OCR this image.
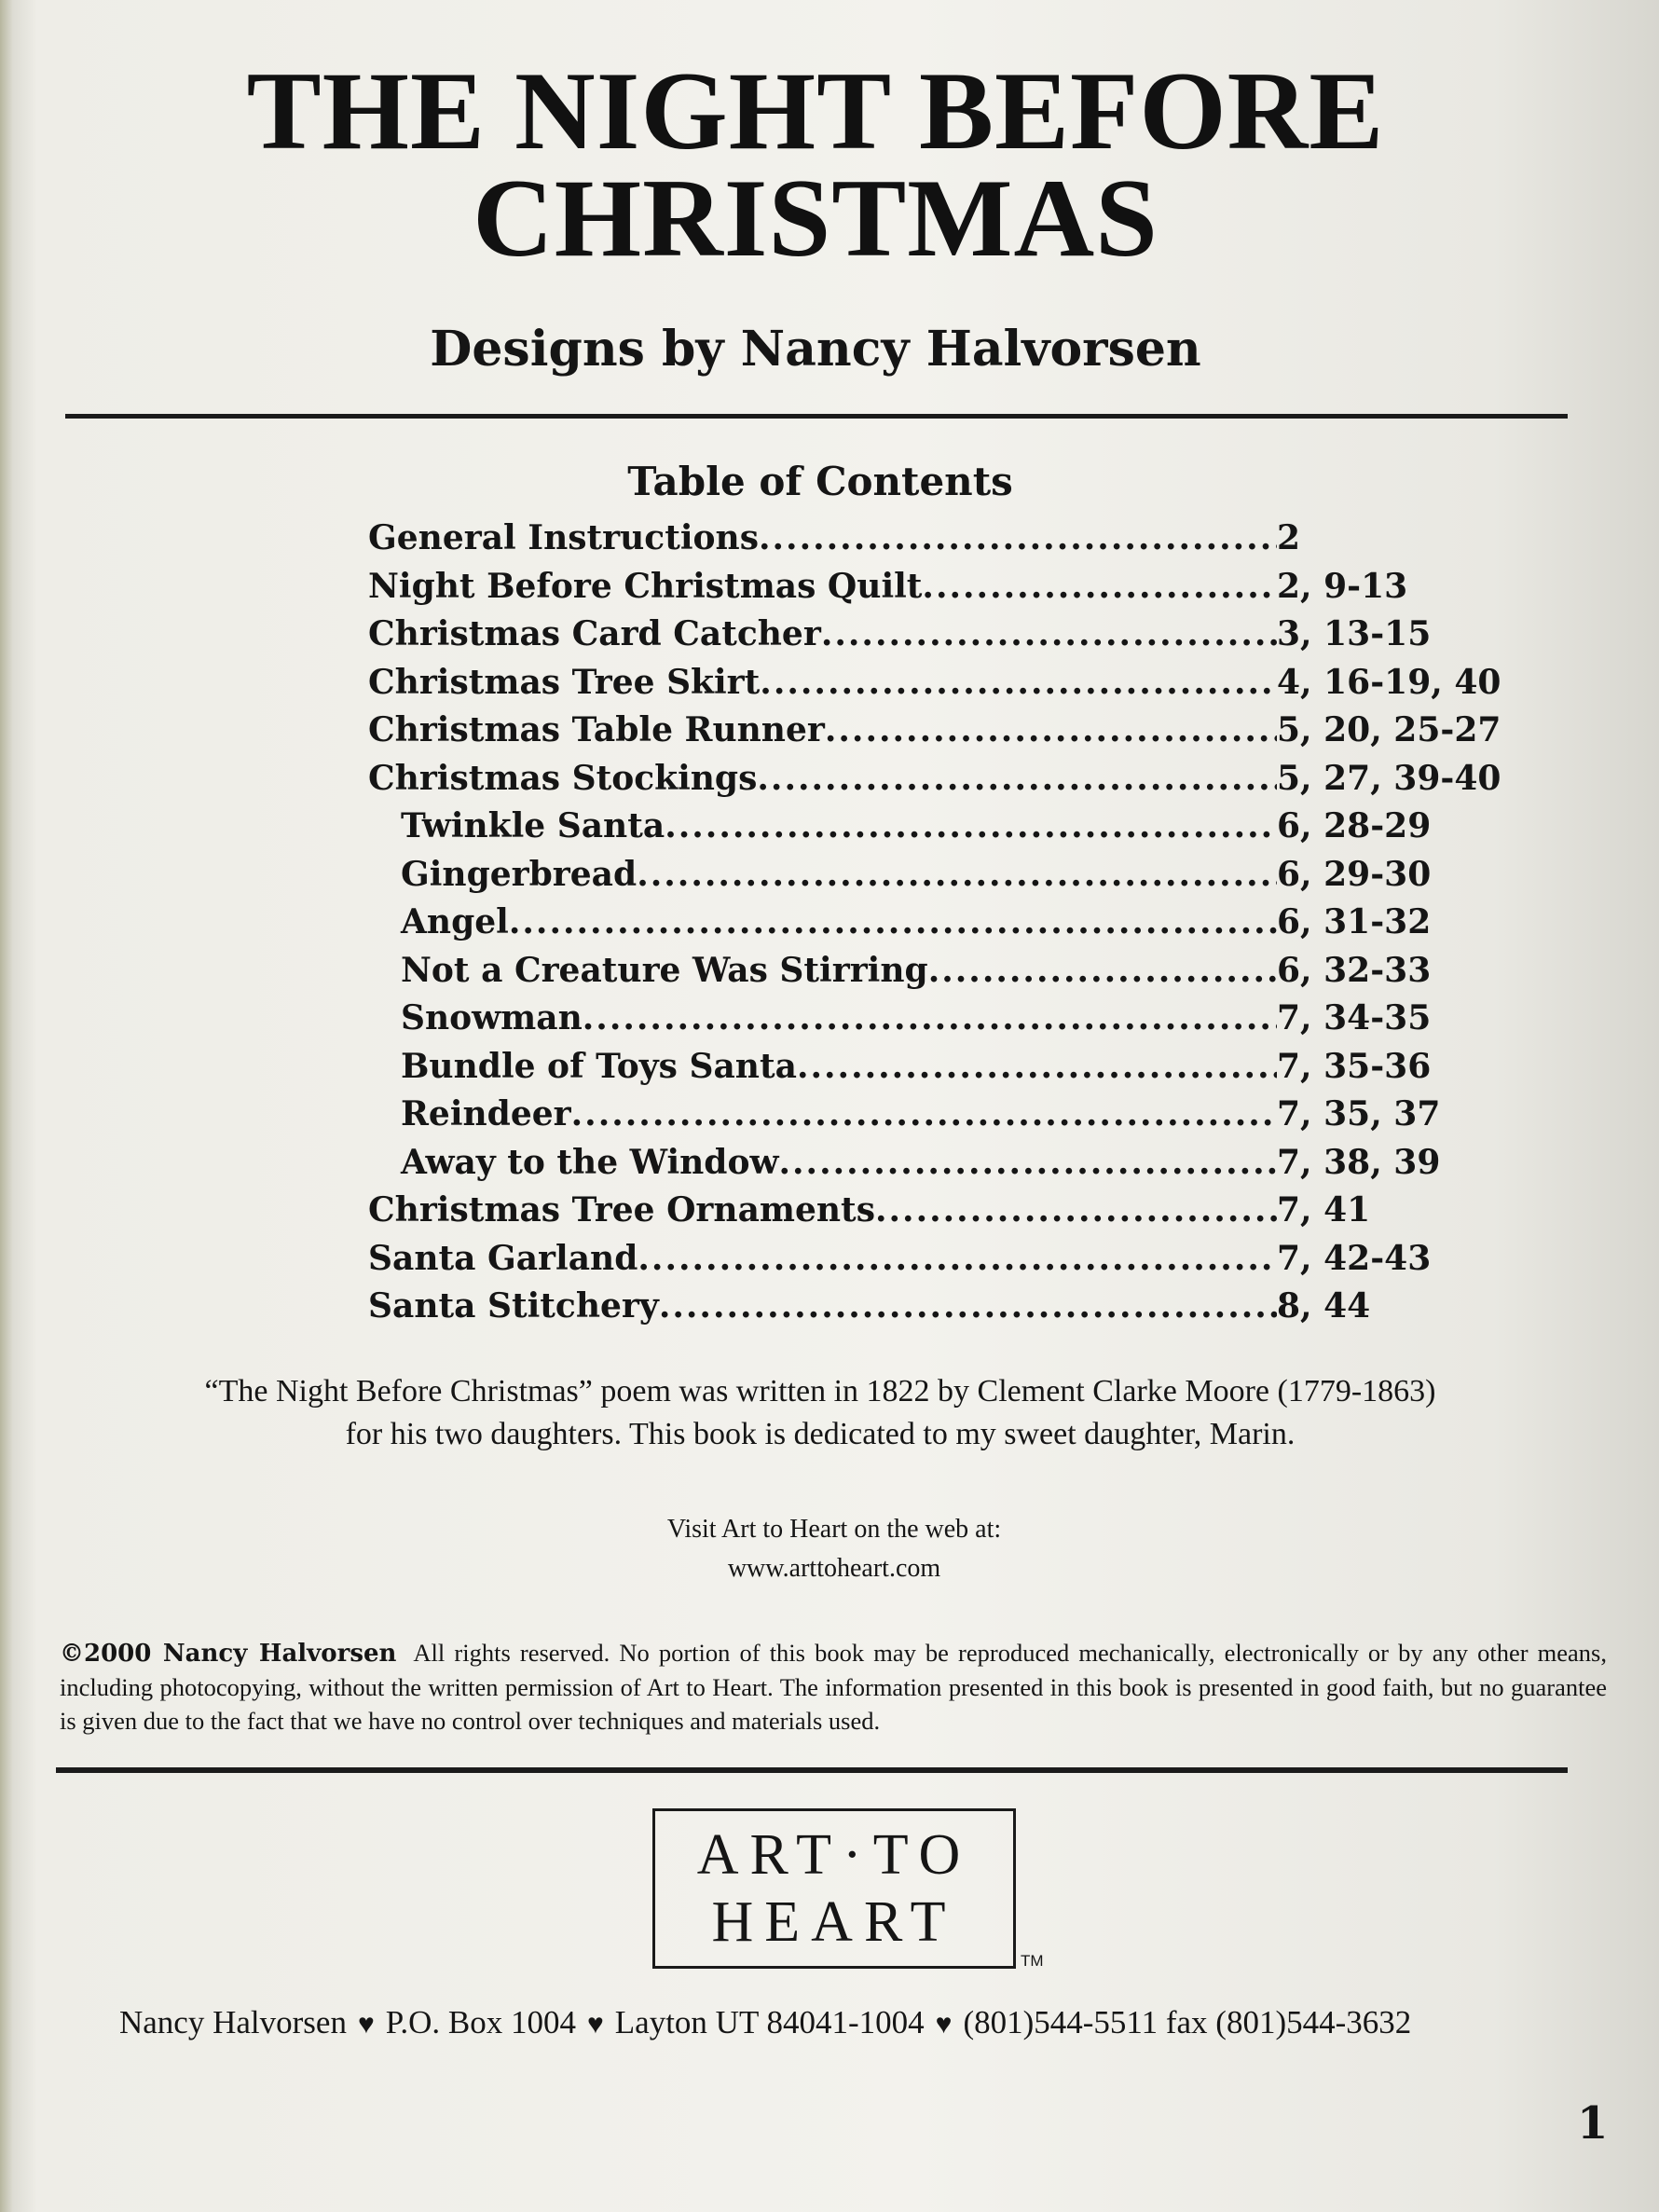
THE NIGHT BEFORE
CHRISTMAS
Designs by Nancy Halvorsen
Table of Contents
General Instructions .....	2
Night Before Christmas Quilt .....	2, 9-13
Christmas Card Catcher .....	3, 13-15
Christmas Tree Skirt .....	4, 16-19, 40
Christmas Table Runner .....	5, 20, 25-27
Christmas Stockings .....	5, 27, 39-40
Twinkle Santa .....	6, 28-29
Gingerbread .....	6, 29-30
Angel .....	6, 31-32
Not a Creature Was Stirring .....	6, 32-33
Snowman .....	7, 34-35
Bundle of Toys Santa .....	7, 35-36
Reindeer .....	7, 35, 37
Away to the Window .....	7, 38, 39
Christmas Tree Ornaments .....	7, 41
Santa Garland .....	7, 42-43
Santa Stitchery .....	8, 44
“The Night Before Christmas” poem was written in 1822 by Clement Clarke Moore (1779-1863)
for his two daughters. This book is dedicated to my sweet daughter, Marin.
Visit Art to Heart on the web at:
www.arttoheart.com
©2000 Nancy Halvorsen All rights reserved. No portion of this book may be reproduced mechanically, electronically or by any other means, including photocopying, without the written permission of Art to Heart. The information presented in this book is presented in good faith, but no guarantee is given due to the fact that we have no control over techniques and materials used.
ART·TO
HEART
TM
Nancy Halvorsen ♥ P.O. Box 1004 ♥ Layton UT 84041-1004 ♥ (801)544-5511 fax (801)544-3632
1
